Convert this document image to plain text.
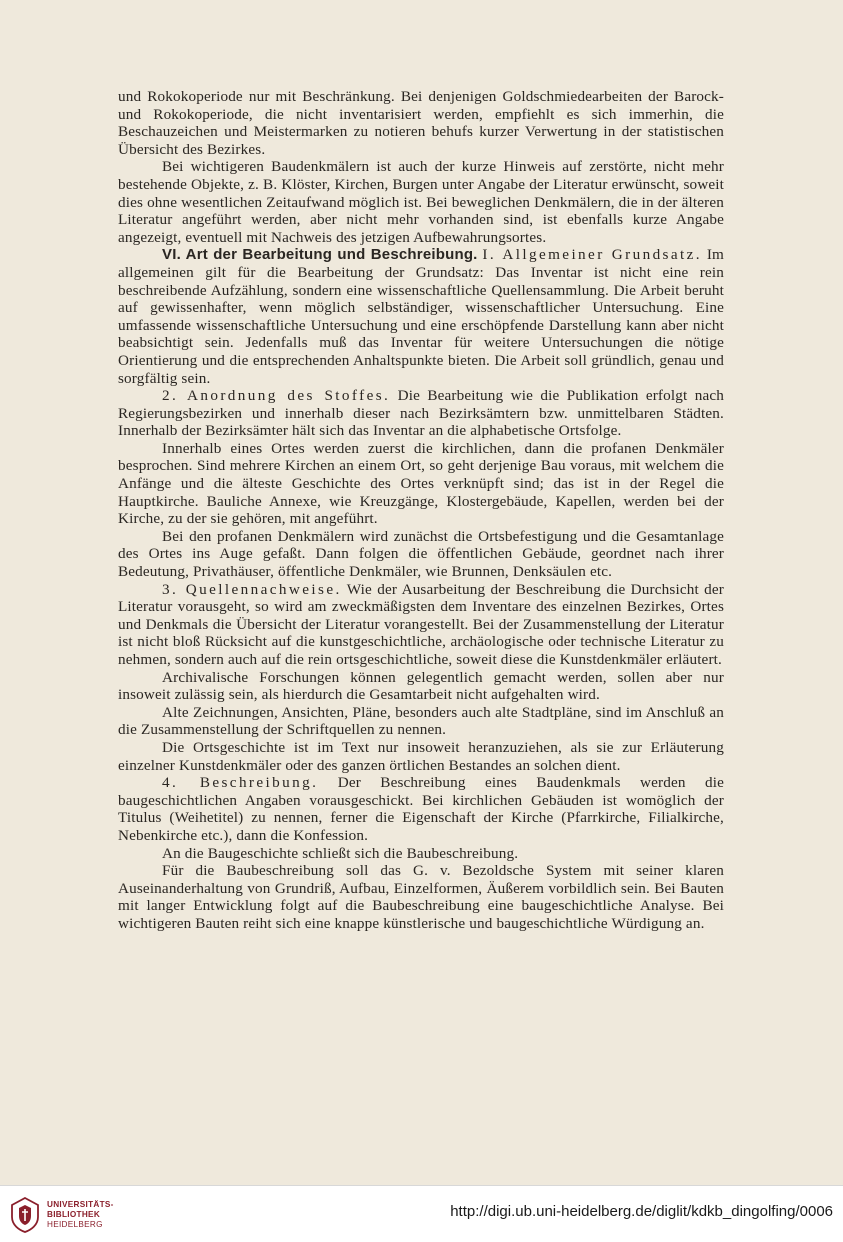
und Rokokoperiode nur mit Beschränkung. Bei denjenigen Goldschmiedearbeiten der Barock- und Rokokoperiode, die nicht inventarisiert werden, empfiehlt es sich immerhin, die Beschauzeichen und Meistermarken zu notieren behufs kurzer Verwertung in der statistischen Übersicht des Bezirkes.

Bei wichtigeren Baudenkmälern ist auch der kurze Hinweis auf zerstörte, nicht mehr bestehende Objekte, z. B. Klöster, Kirchen, Burgen unter Angabe der Literatur erwünscht, soweit dies ohne wesentlichen Zeitaufwand möglich ist. Bei beweglichen Denkmälern, die in der älteren Literatur angeführt werden, aber nicht mehr vorhanden sind, ist ebenfalls kurze Angabe angezeigt, eventuell mit Nachweis des jetzigen Aufbewahrungsortes.

VI. Art der Bearbeitung und Beschreibung. I. Allgemeiner Grundsatz. Im allgemeinen gilt für die Bearbeitung der Grundsatz: Das Inventar ist nicht eine rein beschreibende Aufzählung, sondern eine wissenschaftliche Quellensammlung. Die Arbeit beruht auf gewissenhafter, wenn möglich selbständiger, wissenschaftlicher Untersuchung. Eine umfassende wissenschaftliche Untersuchung und eine erschöpfende Darstellung kann aber nicht beabsichtigt sein. Jedenfalls muß das Inventar für weitere Untersuchungen die nötige Orientierung und die entsprechenden Anhaltspunkte bieten. Die Arbeit soll gründlich, genau und sorgfältig sein.

2. Anordnung des Stoffes. Die Bearbeitung wie die Publikation erfolgt nach Regierungsbezirken und innerhalb dieser nach Bezirksämtern bzw. unmittelbaren Städten. Innerhalb der Bezirksämter hält sich das Inventar an die alphabetische Ortsfolge.

Innerhalb eines Ortes werden zuerst die kirchlichen, dann die profanen Denkmäler besprochen. Sind mehrere Kirchen an einem Ort, so geht derjenige Bau voraus, mit welchem die Anfänge und die älteste Geschichte des Ortes verknüpft sind; das ist in der Regel die Hauptkirche. Bauliche Annexe, wie Kreuzgänge, Klostergebäude, Kapellen, werden bei der Kirche, zu der sie gehören, mit angeführt.

Bei den profanen Denkmälern wird zunächst die Ortsbefestigung und die Gesamtanlage des Ortes ins Auge gefaßt. Dann folgen die öffentlichen Gebäude, geordnet nach ihrer Bedeutung, Privathäuser, öffentliche Denkmäler, wie Brunnen, Denksäulen etc.

3. Quellennachweise. Wie der Ausarbeitung der Beschreibung die Durchsicht der Literatur vorausgeht, so wird am zweckmäßigsten dem Inventare des einzelnen Bezirkes, Ortes und Denkmals die Übersicht der Literatur vorangestellt. Bei der Zusammenstellung der Literatur ist nicht bloß Rücksicht auf die kunstgeschichtliche, archäologische oder technische Literatur zu nehmen, sondern auch auf die rein ortsgeschichtliche, soweit diese die Kunstdenkmäler erläutert.

Archivalische Forschungen können gelegentlich gemacht werden, sollen aber nur insoweit zulässig sein, als hierdurch die Gesamtarbeit nicht aufgehalten wird.

Alte Zeichnungen, Ansichten, Pläne, besonders auch alte Stadtpläne, sind im Anschluß an die Zusammenstellung der Schriftquellen zu nennen.

Die Ortsgeschichte ist im Text nur insoweit heranzuziehen, als sie zur Erläuterung einzelner Kunstdenkmäler oder des ganzen örtlichen Bestandes an solchen dient.

4. Beschreibung. Der Beschreibung eines Baudenkmals werden die baugeschichtlichen Angaben vorausgeschickt. Bei kirchlichen Gebäuden ist womöglich der Titulus (Weihetitel) zu nennen, ferner die Eigenschaft der Kirche (Pfarrkirche, Filialkirche, Nebenkirche etc.), dann die Konfession.

An die Baugeschichte schließt sich die Baubeschreibung.

Für die Baubeschreibung soll das G. v. Bezoldsche System mit seiner klaren Auseinanderhaltung von Grundriß, Aufbau, Einzelformen, Äußerem vorbildlich sein. Bei Bauten mit langer Entwicklung folgt auf die Baubeschreibung eine baugeschichtliche Analyse. Bei wichtigeren Bauten reiht sich eine knappe künstlerische und baugeschichtliche Würdigung an.

UNIVERSITÄTS-
BIBLIOTHEK
HEIDELBERG
http://digi.ub.uni-heidelberg.de/diglit/kdkb_dingolfing/0006
